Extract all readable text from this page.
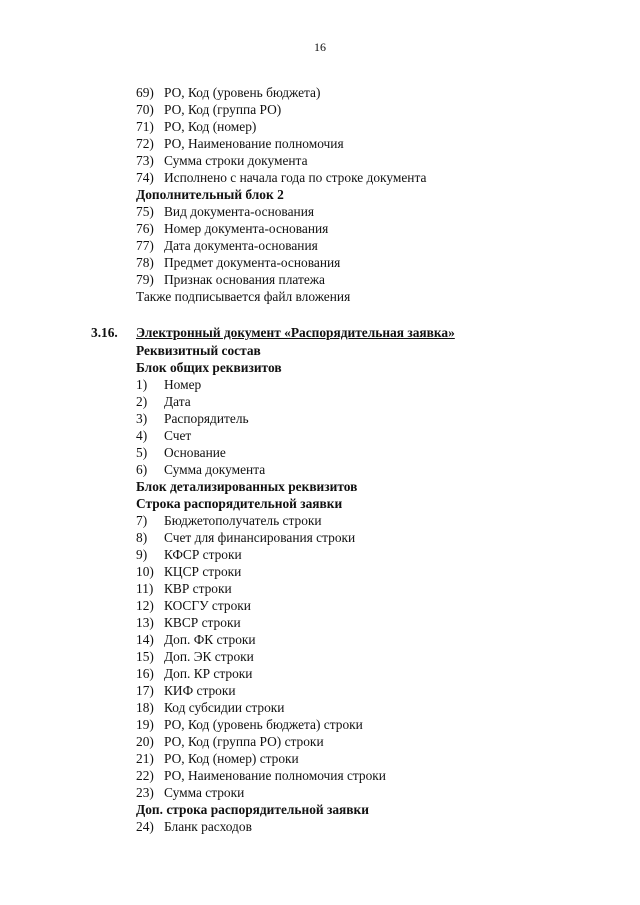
16
69) РО, Код (уровень бюджета)
70) РО, Код (группа РО)
71) РО, Код (номер)
72) РО, Наименование полномочия
73) Сумма строки документа
74) Исполнено с начала года по строке документа
Дополнительный блок 2
75) Вид документа-основания
76) Номер документа-основания
77) Дата документа-основания
78) Предмет документа-основания
79) Признак основания платежа
Также подписывается файл вложения
3.16. Электронный документ «Распорядительная заявка»
Реквизитный состав
Блок общих реквизитов
1)	Номер
2)	Дата
3)	Распорядитель
4)	Счет
5)	Основание
6)	Сумма документа
Блок детализированных реквизитов
Строка распорядительной заявки
7)	Бюджетополучатель строки
8)	Счет для финансирования строки
9)	КФСР строки
10) КЦСР строки
11) КВР строки
12) КОСГУ строки
13) КВСР строки
14) Доп. ФК строки
15) Доп. ЭК строки
16) Доп. КР строки
17) КИФ строки
18) Код субсидии строки
19) РО, Код (уровень бюджета) строки
20) РО, Код (группа РО) строки
21) РО, Код (номер) строки
22) РО, Наименование полномочия строки
23) Сумма строки
Доп. строка распорядительной заявки
24) Бланк расходов
